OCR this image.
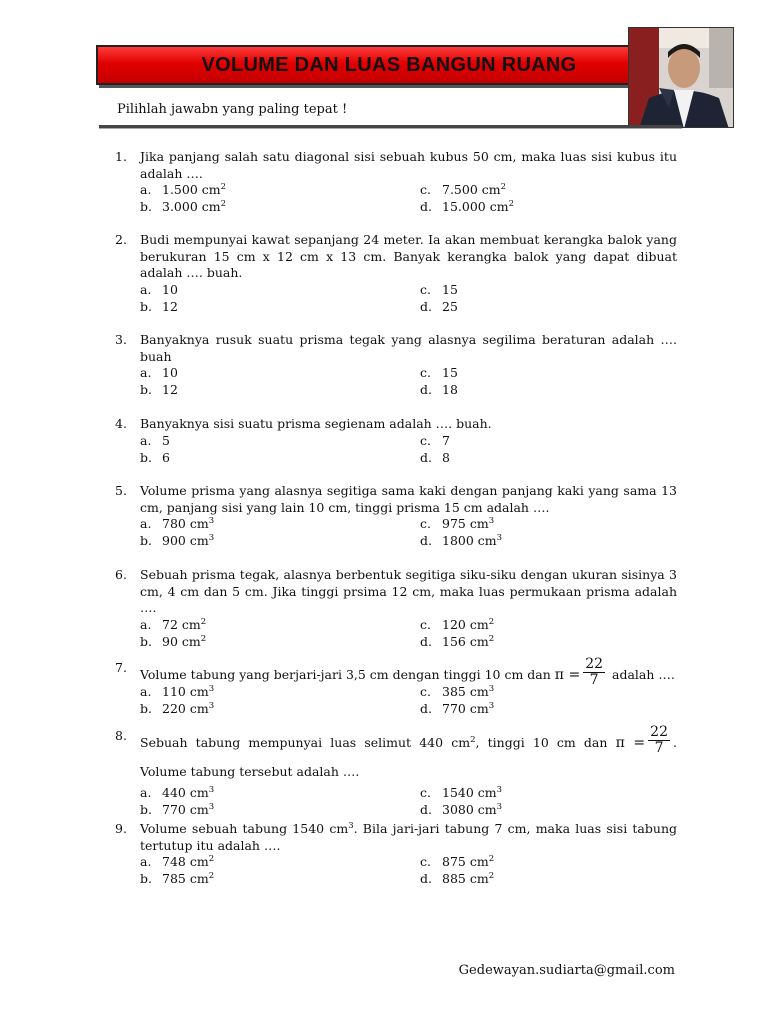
VOLUME DAN LUAS BANGUN RUANG
Pilihlah jawabn yang paling tepat !
1. Jika panjang salah satu diagonal sisi sebuah kubus 50 cm, maka luas sisi kubus itu adalah ….
a. 1.500 $cm^2$	c. 7.500 $cm^2$
b. 3.000 $cm^2$	d. 15.000 $cm^2$
2. Budi mempunyai kawat sepanjang 24 meter. Ia akan membuat kerangka balok yang berukuran 15 cm x 12 cm x 13 cm. Banyak kerangka balok yang dapat dibuat adalah …. buah.
a. 10	c. 15
b. 12	d. 25
3. Banyaknya rusuk suatu prisma tegak yang alasnya segilima beraturan adalah …. buah
a. 10	c. 15
b. 12	d. 18
4. Banyaknya sisi suatu prisma segienam adalah …. buah.
a. 5	c. 7
b. 6	d. 8
5. Volume prisma yang alasnya segitiga sama kaki dengan panjang kaki yang sama 13 cm, panjang sisi yang lain 10 cm, tinggi prisma 15 cm adalah ….
a. 780 $cm^3$	c. 975 $cm^3$
b. 900 $cm^3$	d. 1800 $cm^3$
6. Sebuah prisma tegak, alasnya berbentuk segitiga siku-siku dengan ukuran sisinya 3 cm, 4 cm dan 5 cm. Jika tinggi prsima 12 cm, maka luas permukaan prisma adalah ….
a. 72 $cm^2$	c. 120 $cm^2$
b. 90 $cm^2$	d. 156 $cm^2$
7. Volume tabung yang berjari-jari 3,5 cm dengan tinggi 10 cm dan $\pi = \frac{22}{7}$ adalah ….
a. 110 $cm^3$	c. 385 $cm^3$
b. 220 $cm^3$	d. 770 $cm^3$
8. Sebuah tabung mempunyai luas selimut 440 $cm^2$, tinggi 10 cm dan $\pi = \frac{22}{7}$ . Volume tabung tersebut adalah ….
a. 440 $cm^3$	c. 1540 $cm^3$
b. 770 $cm^3$	d. 3080 $cm^3$
9. Volume sebuah tabung 1540 $cm^3$. Bila jari-jari tabung 7 cm, maka luas sisi tabung tertutup itu adalah ….
a. 748 $cm^2$	c. 875 $cm^2$
b. 785 $cm^2$	d. 885 $cm^2$
Gedewayan.sudiarta@gmail.com
